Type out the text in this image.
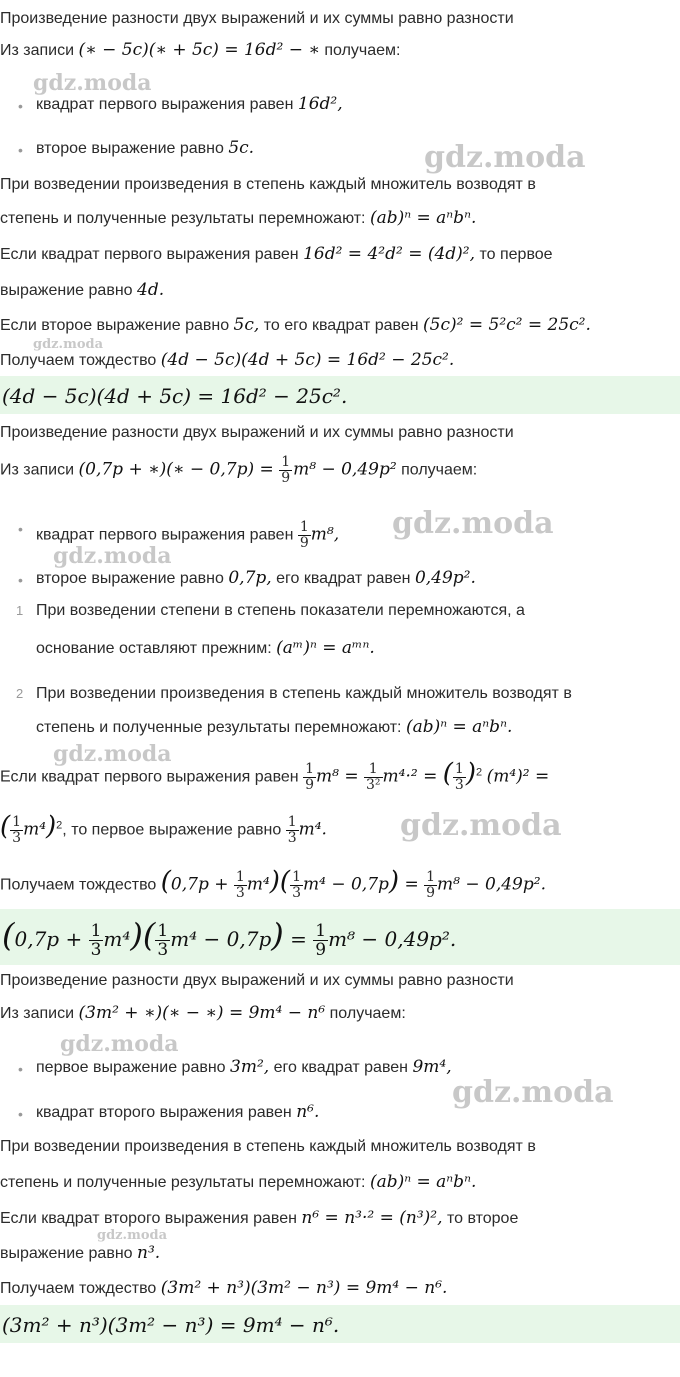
Произведение разности двух выражений и их суммы равно разности
Из записи (∗ − 5c)(∗ + 5c) = 16d² − ∗ получаем:
gdz.moda
• квадрат первого выражения равен 16d²,
• второе выражение равно 5c.	gdz.moda
При возведении произведения в степень каждый множитель возводят в
степень и полученные результаты перемножают: (ab)ⁿ = aⁿbⁿ.
Если квадрат первого выражения равен 16d² = 4²d² = (4d)², то первое
выражение равно 4d.
Если второе выражение равно 5c, то его квадрат равен (5c)² = 5²c² = 25c².
gdz.moda
Получаем тождество (4d − 5c)(4d + 5c) = 16d² − 25c².
(4d − 5c)(4d + 5c) = 16d² − 25c².
Произведение разности двух выражений и их суммы равно разности
Из записи (0,7p + ∗)(∗ − $0,7p) = \frac{1}{9} m^8 - 0,49p^2$ получаем:
• квадрат первого выражения равен $\frac{1}{9} m^8$, gdz.moda
gdz.moda
• второе выражение равно 0,7p, его квадрат равен 0,49p².
1 При возведении степени в степень показатели перемножаются, а
основание оставляют прежним: (aᵐ)ⁿ = aᵐⁿ.
2 При возведении произведения в степень каждый множитель возводят в
степень и полученные результаты перемножают: (ab)ⁿ = aⁿbⁿ.
gdz.moda
Если квадрат первого выражения равен $\frac{1}{9} m^8 = \frac{1}{\text{3²}} m^4\cdot^2$ = ( $\frac{1}{3} )^2$ (m⁴)² =
( $\frac{1}{3} m^4)^2$, то первое выражение равно $\frac{1}{3} m^4$. gdz.moda
Получаем тождество $(0,7p + \frac{1}{3} m^4)( \frac{1}{3} m^4 - 0,7p) = \frac{1}{9} m^8 - 0,49p^2$.
$(0,7p + \frac{1}{3} m^4)( \frac{1}{3} m^4 - 0,7p) = \frac{1}{9} m^8 - 0,49p^2$.
Произведение разности двух выражений и их суммы равно разности
Из записи (3m² + ∗)(∗ − ∗) = 9m⁴ − n⁶ получаем:
gdz.moda
• первое выражение равно 3m², его квадрат равен 9m⁴,
gdz.moda
• квадрат второго выражения равен n⁶.
При возведении произведения в степень каждый множитель возводят в
степень и полученные результаты перемножают: (ab)ⁿ = aⁿbⁿ.
Если квадрат второго выражения равен n⁶ = n³·² = (n³)², то второе
gdz.moda
выражение равно n³.
Получаем тождество (3m² + n³)(3m² − n³) = 9m⁴ − n⁶.
(3m² + n³)(3m² − n³) = 9m⁴ − n⁶.
